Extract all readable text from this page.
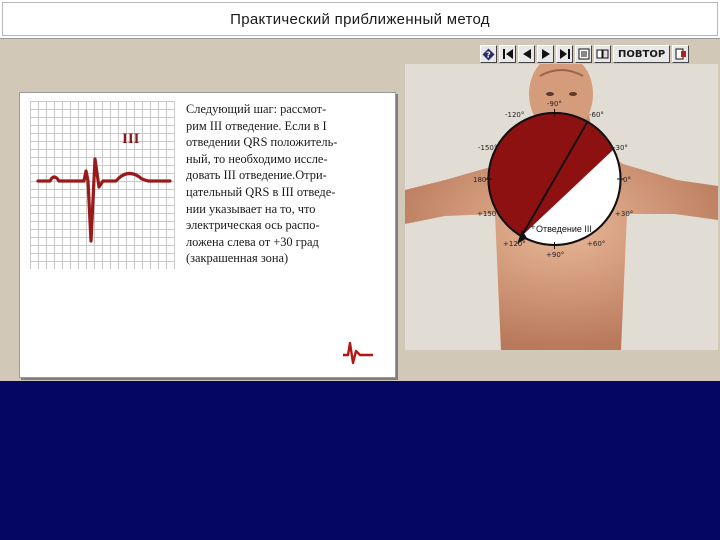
Практический приближенный метод
?	ПОВТОР
III
Следующий шаг: рассмот-
рим III отведение. Если в I
отведении QRS положитель-
ный, то необходимо иссле-
довать III отведение.Отри-
цательный QRS в III отведе-
нии указывает на то, что
электрическая ось распо-
ложена слева от +30 град
(закрашенная зона)
-
+
-90°
-120°	-60°
-150°	-30°
180°	0°
+150°	+30°
+120°	+60°
+90°
Отведение III
